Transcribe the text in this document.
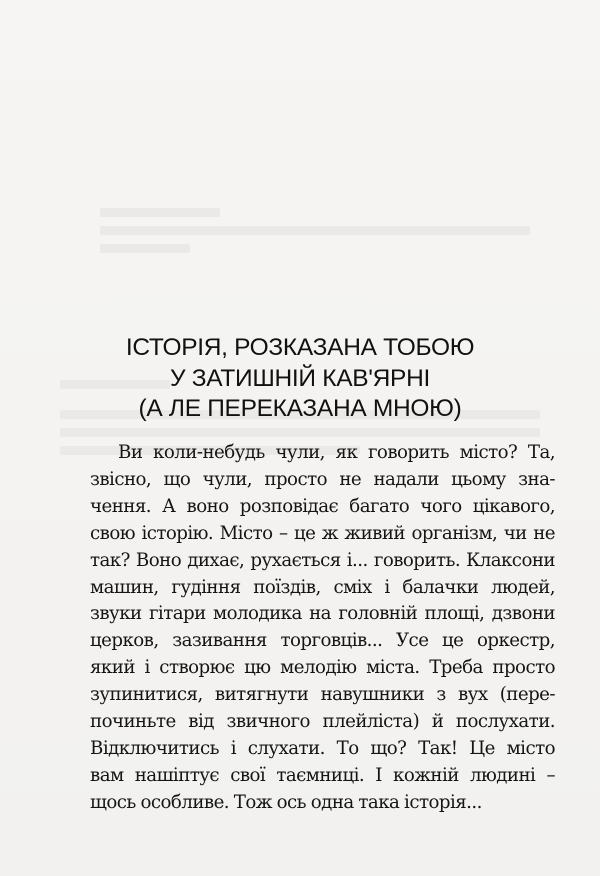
ІСТОРІЯ, РОЗКАЗАНА ТОБОЮ
У ЗАТИШНІЙ КАВ'ЯРНІ
(А ЛЕ ПЕРЕКАЗАНА МНОЮ)
Ви коли-небудь чули, як говорить місто? Та,
звісно, що чули, просто не надали цьому зна-
чення. А воно розповідає багато чого цікавого,
свою історію. Місто – це ж живий організм, чи не
так? Воно дихає, рухається і... говорить. Клаксони
машин, гудіння поїздів, сміх і балачки людей,
звуки гітари молодика на головній площі, дзвони
церков, зазивання торговців... Усе це оркестр,
який і створює цю мелодію міста. Треба просто
зупинитися, витягнути навушники з вух (пере-
починьте від звичного плейліста) й послухати.
Відключитись і слухати. То що? Так! Це місто
вам нашіптує свої таємниці. І кожній людині –
щось особливе. Тож ось одна така історія...
